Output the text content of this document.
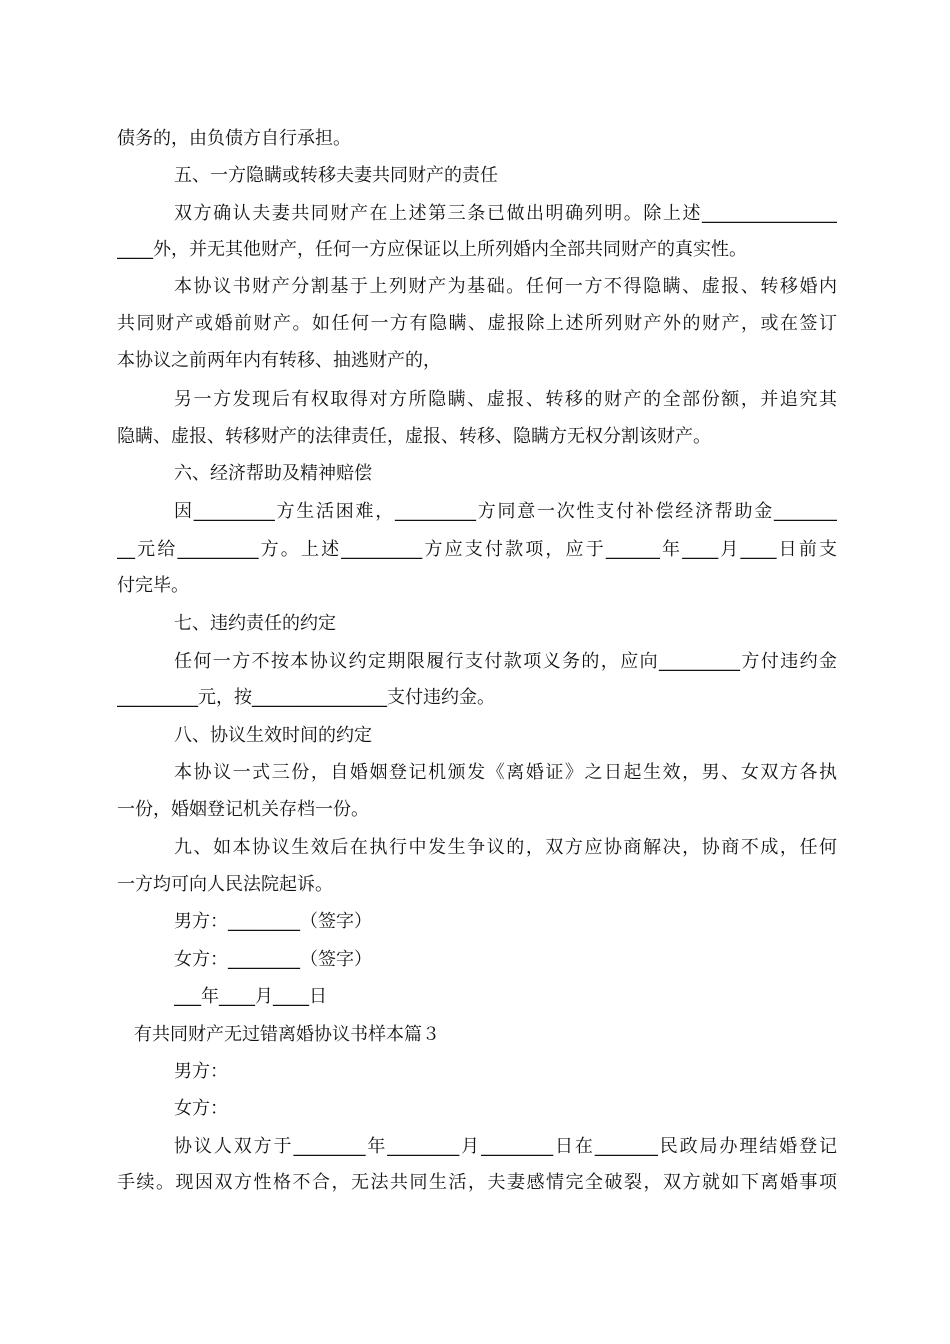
债务的，由负债方自行承担。
五、一方隐瞒或转移夫妻共同财产的责任
双方确认夫妻共同财产在上述第三条已做出明确列明。除上述_______________
____外，并无其他财产，任何一方应保证以上所列婚内全部共同财产的真实性。
本协议书财产分割基于上列财产为基础。任何一方不得隐瞒、虚报、转移婚内
共同财产或婚前财产。如任何一方有隐瞒、虚报除上述所列财产外的财产，或在签订
本协议之前两年内有转移、抽逃财产的，
另一方发现后有权取得对方所隐瞒、虚报、转移的财产的全部份额，并追究其
隐瞒、虚报、转移财产的法律责任，虚报、转移、隐瞒方无权分割该财产。
六、经济帮助及精神赔偿
因_________方生活困难，_________方同意一次性支付补偿经济帮助金_______
__元给_________方。上述_________方应支付款项，应于______年____月____日前支
付完毕。
七、违约责任的约定
任何一方不按本协议约定期限履行支付款项义务的，应向_________方付违约金
_________元，按_______________支付违约金。
八、协议生效时间的约定
本协议一式三份，自婚姻登记机颁发《离婚证》之日起生效，男、女双方各执
一份，婚姻登记机关存档一份。
九、如本协议生效后在执行中发生争议的，双方应协商解决，协商不成，任何
一方均可向人民法院起诉。
男方：________（签字）
女方：________（签字）
___年____月____日
有共同财产无过错离婚协议书样本篇３
男方：
女方：
协议人双方于________年________月________日在_______民政局办理结婚登记
手续。现因双方性格不合，无法共同生活，夫妻感情完全破裂，双方就如下离婚事项
